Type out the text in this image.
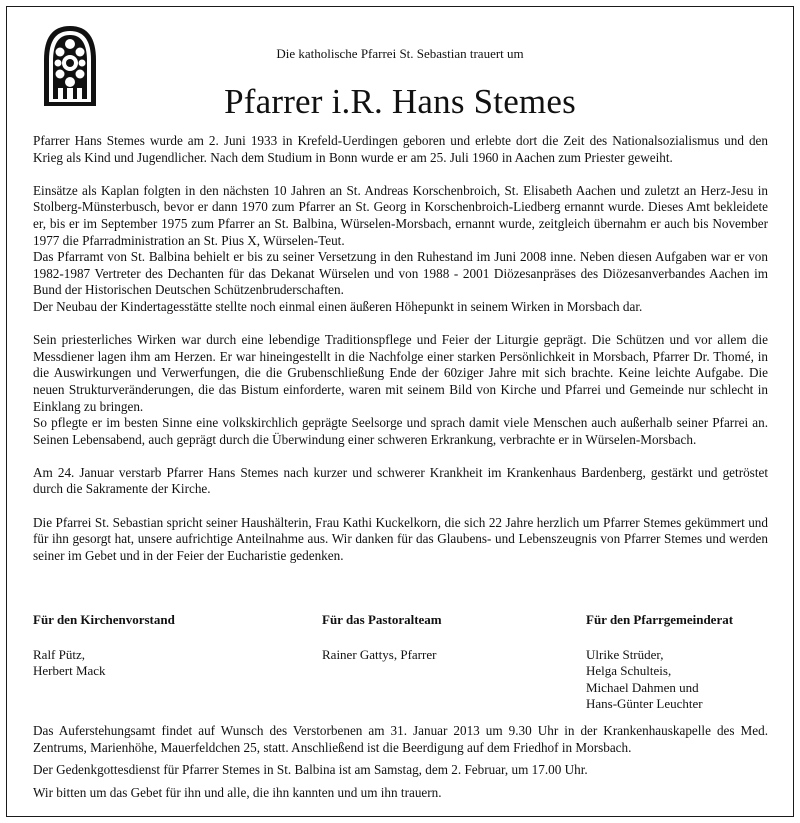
Die katholische Pfarrei St. Sebastian trauert um
Pfarrer i.R. Hans Stemes

Pfarrer Hans Stemes wurde am 2. Juni 1933 in Krefeld-Uerdingen geboren und erlebte dort die Zeit des Nationalsozialismus und den Krieg als Kind und Jugendlicher. Nach dem Studium in Bonn wurde er am 25. Juli 1960 in Aachen zum Priester geweiht.

Einsätze als Kaplan folgten in den nächsten 10 Jahren an St. Andreas Korschenbroich, St. Elisabeth Aachen und zuletzt an Herz-Jesu in Stolberg-Münsterbusch, bevor er dann 1970 zum Pfarrer an St. Georg in Korschenbroich-Liedberg ernannt wurde. Dieses Amt bekleidete er, bis er im September 1975 zum Pfarrer an St. Balbina, Würselen-Morsbach, ernannt wurde, zeitgleich übernahm er auch bis November 1977 die Pfarradministration an St. Pius X, Würselen-Teut.

Das Pfarramt von St. Balbina behielt er bis zu seiner Versetzung in den Ruhestand im Juni 2008 inne. Neben diesen Aufgaben war er von 1982-1987 Vertreter des Dechanten für das Dekanat Würselen und von 1988 - 2001 Diözesanpräses des Diözesanverbandes Aachen im Bund der Historischen Deutschen Schützenbruderschaften.

Der Neubau der Kindertagesstätte stellte noch einmal einen äußeren Höhepunkt in seinem Wirken in Morsbach dar.

Sein priesterliches Wirken war durch eine lebendige Traditionspflege und Feier der Liturgie geprägt. Die Schützen und vor allem die Messdiener lagen ihm am Herzen. Er war hineingestellt in die Nachfolge einer starken Persönlichkeit in Morsbach, Pfarrer Dr. Thomé, in die Auswirkungen und Verwerfungen, die die Grubenschließung Ende der 60ziger Jahre mit sich brachte. Keine leichte Aufgabe. Die neuen Strukturveränderungen, die das Bistum einforderte, waren mit seinem Bild von Kirche und Pfarrei und Gemeinde nur schlecht in Einklang zu bringen.

So pflegte er im besten Sinne eine volkskirchlich geprägte Seelsorge und sprach damit viele Menschen auch außerhalb seiner Pfarrei an. Seinen Lebensabend, auch geprägt durch die Überwindung einer schweren Erkrankung, verbrachte er in Würselen-Morsbach.

Am 24. Januar verstarb Pfarrer Hans Stemes nach kurzer und schwerer Krankheit im Krankenhaus Bardenberg, gestärkt und getröstet durch die Sakramente der Kirche.

Die Pfarrei St. Sebastian spricht seiner Haushälterin, Frau Kathi Kuckelkorn, die sich 22 Jahre herzlich um Pfarrer Stemes gekümmert und für ihn gesorgt hat, unsere aufrichtige Anteilnahme aus. Wir danken für das Glaubens- und Lebenszeugnis von Pfarrer Stemes und werden seiner im Gebet und in der Feier der Eucharistie gedenken.

Für den Kirchenvorstand
Ralf Pütz,
Herbert Mack
Für das Pastoralteam
Rainer Gattys, Pfarrer
Für den Pfarrgemeinderat
Ulrike Strüder,
Helga Schulteis,
Michael Dahmen und
Hans-Günter Leuchter

Das Auferstehungsamt findet auf Wunsch des Verstorbenen am 31. Januar 2013 um 9.30 Uhr in der Krankenhauskapelle des Med. Zentrums, Marienhöhe, Mauerfeldchen 25, statt. Anschließend ist die Beerdigung auf dem Friedhof in Morsbach.

Der Gedenkgottesdienst für Pfarrer Stemes in St. Balbina ist am Samstag, dem 2. Februar, um 17.00 Uhr.

Wir bitten um das Gebet für ihn und alle, die ihn kannten und um ihn trauern.
